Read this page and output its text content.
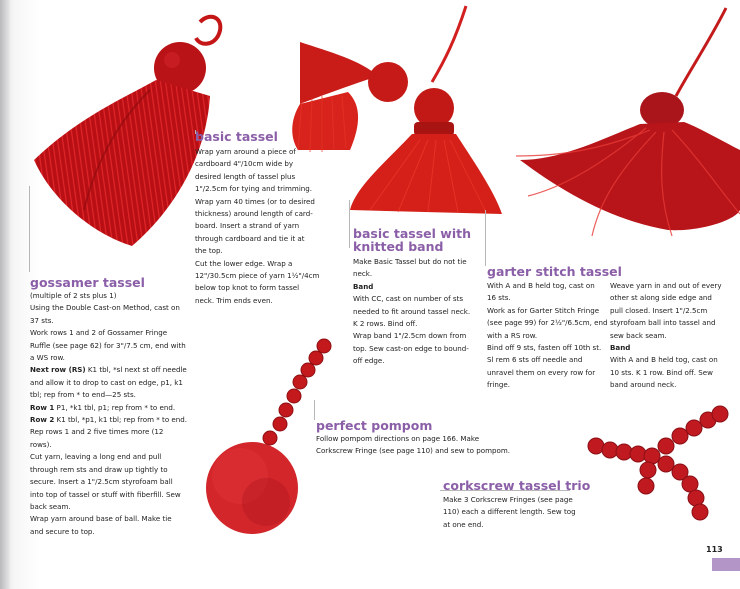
basic tassel

Wrap yarn around a piece of

cardboard 4"/10cm wide by

desired length of tassel plus

1"/2.5cm for tying and trimming.

Wrap yarn 40 times (or to desired

thickness) around length of card-

board. Insert a strand of yarn

through cardboard and tie it at

the top.

Cut the lower edge. Wrap a

12"/30.5cm piece of yarn 1½"/4cm

below top knot to form tassel

neck. Trim ends even.

basic tassel with
knitted band

Make Basic Tassel but do not tie

neck.

Band

With CC, cast on number of sts

needed to fit around tassel neck.

K 2 rows. Bind off.

Wrap band 1"/2.5cm down from

top. Sew cast-on edge to bound-

off edge.

gossamer tassel

(multiple of 2 sts plus 1)

Using the Double Cast-on Method, cast on

37 sts.

Work rows 1 and 2 of Gossamer Fringe

Ruffle (see page 62) for 3"/7.5 cm, end with

a WS row.

Next row (RS) K1 tbl, *sl next st off needle

and allow it to drop to cast on edge, p1, k1

tbl; rep from * to end—25 sts.

Row 1 P1, *k1 tbl, p1; rep from * to end.

Row 2 K1 tbl, *p1, k1 tbl; rep from * to end.

Rep rows 1 and 2 five times more (12

rows).

Cut yarn, leaving a long end and pull

through rem sts and draw up tightly to

secure. Insert a 1"/2.5cm styrofoam ball

into top of tassel or stuff with fiberfill. Sew

back seam.

Wrap yarn around base of ball. Make tie

and secure to top.

garter stitch tassel

With A and B held tog, cast on

16 sts.

Work as for Garter Stitch Fringe

(see page 99) for 2½"/6.5cm, end

with a RS row.

Bind off 9 sts, fasten off 10th st.

Sl rem 6 sts off needle and

unravel them on every row for

fringe.

Weave yarn in and out of every

other st along side edge and

pull closed. Insert 1"/2.5cm

styrofoam ball into tassel and

sew back seam.

Band

With A and B held tog, cast on

10 sts. K 1 row. Bind off. Sew

band around neck.

perfect pompom

Follow pompom directions on page 166. Make

Corkscrew Fringe (see page 110) and sew to pompom.

corkscrew tassel trio

Make 3 Corkscrew Fringes (see page

110) each a different length. Sew tog

at one end.

113
